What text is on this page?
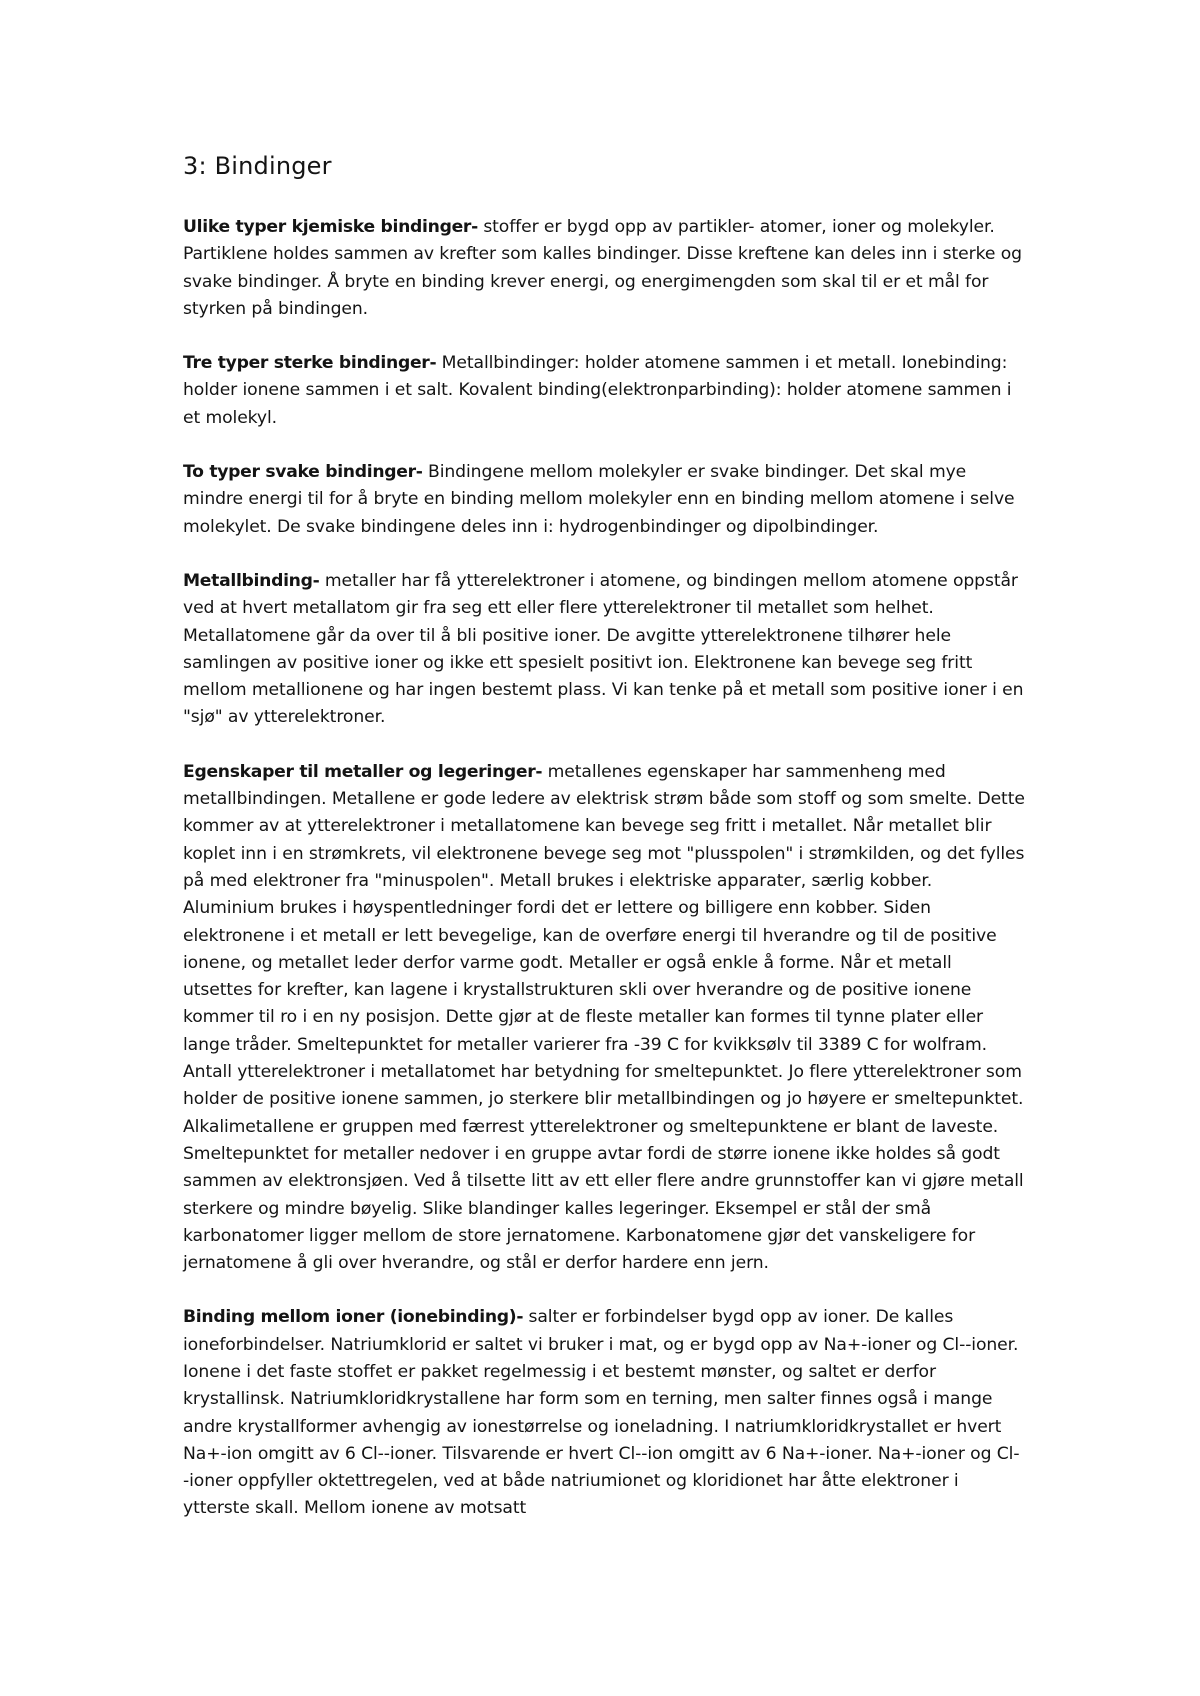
3: Bindinger

Ulike typer kjemiske bindinger- stoffer er bygd opp av partikler- atomer, ioner og molekyler. Partiklene holdes sammen av krefter som kalles bindinger. Disse kreftene kan deles inn i sterke og svake bindinger. Å bryte en binding krever energi, og energimengden som skal til er et mål for styrken på bindingen.

Tre typer sterke bindinger- Metallbindinger: holder atomene sammen i et metall. Ionebinding: holder ionene sammen i et salt. Kovalent binding(elektronparbinding): holder atomene sammen i et molekyl.

To typer svake bindinger- Bindingene mellom molekyler er svake bindinger. Det skal mye mindre energi til for å bryte en binding mellom molekyler enn en binding mellom atomene i selve molekylet. De svake bindingene deles inn i: hydrogenbindinger og dipolbindinger.

Metallbinding- metaller har få ytterelektroner i atomene, og bindingen mellom atomene oppstår ved at hvert metallatom gir fra seg ett eller flere ytterelektroner til metallet som helhet. Metallatomene går da over til å bli positive ioner. De avgitte ytterelektronene tilhører hele samlingen av positive ioner og ikke ett spesielt positivt ion. Elektronene kan bevege seg fritt mellom metallionene og har ingen bestemt plass. Vi kan tenke på et metall som positive ioner i en "sjø" av ytterelektroner.

Egenskaper til metaller og legeringer- metallenes egenskaper har sammenheng med metallbindingen. Metallene er gode ledere av elektrisk strøm både som stoff og som smelte. Dette kommer av at ytterelektroner i metallatomene kan bevege seg fritt i metallet. Når metallet blir koplet inn i en strømkrets, vil elektronene bevege seg mot "plusspolen" i strømkilden, og det fylles på med elektroner fra "minuspolen". Metall brukes i elektriske apparater, særlig kobber. Aluminium brukes i høyspentledninger fordi det er lettere og billigere enn kobber. Siden elektronene i et metall er lett bevegelige, kan de overføre energi til hverandre og til de positive ionene, og metallet leder derfor varme godt. Metaller er også enkle å forme. Når et metall utsettes for krefter, kan lagene i krystallstrukturen skli over hverandre og de positive ionene kommer til ro i en ny posisjon. Dette gjør at de fleste metaller kan formes til tynne plater eller lange tråder. Smeltepunktet for metaller varierer fra -39 C for kvikksølv til 3389 C for wolfram. Antall ytterelektroner i metallatomet har betydning for smeltepunktet. Jo flere ytterelektroner som holder de positive ionene sammen, jo sterkere blir metallbindingen og jo høyere er smeltepunktet. Alkalimetallene er gruppen med færrest ytterelektroner og smeltepunktene er blant de laveste. Smeltepunktet for metaller nedover i en gruppe avtar fordi de større ionene ikke holdes så godt sammen av elektronsjøen. Ved å tilsette litt av ett eller flere andre grunnstoffer kan vi gjøre metall sterkere og mindre bøyelig. Slike blandinger kalles legeringer. Eksempel er stål der små karbonatomer ligger mellom de store jernatomene. Karbonatomene gjør det vanskeligere for jernatomene å gli over hverandre, og stål er derfor hardere enn jern.

Binding mellom ioner (ionebinding)- salter er forbindelser bygd opp av ioner. De kalles ioneforbindelser. Natriumklorid er saltet vi bruker i mat, og er bygd opp av Na+-ioner og Cl--ioner. Ionene i det faste stoffet er pakket regelmessig i et bestemt mønster, og saltet er derfor krystallinsk. Natriumkloridkrystallene har form som en terning, men salter finnes også i mange andre krystallformer avhengig av ionestørrelse og ioneladning. I natriumkloridkrystallet er hvert Na+-ion omgitt av 6 Cl--ioner. Tilsvarende er hvert Cl--ion omgitt av 6 Na+-ioner. Na+-ioner og Cl- -ioner oppfyller oktettregelen, ved at både natriumionet og kloridionet har åtte elektroner i ytterste skall. Mellom ionene av motsatt
